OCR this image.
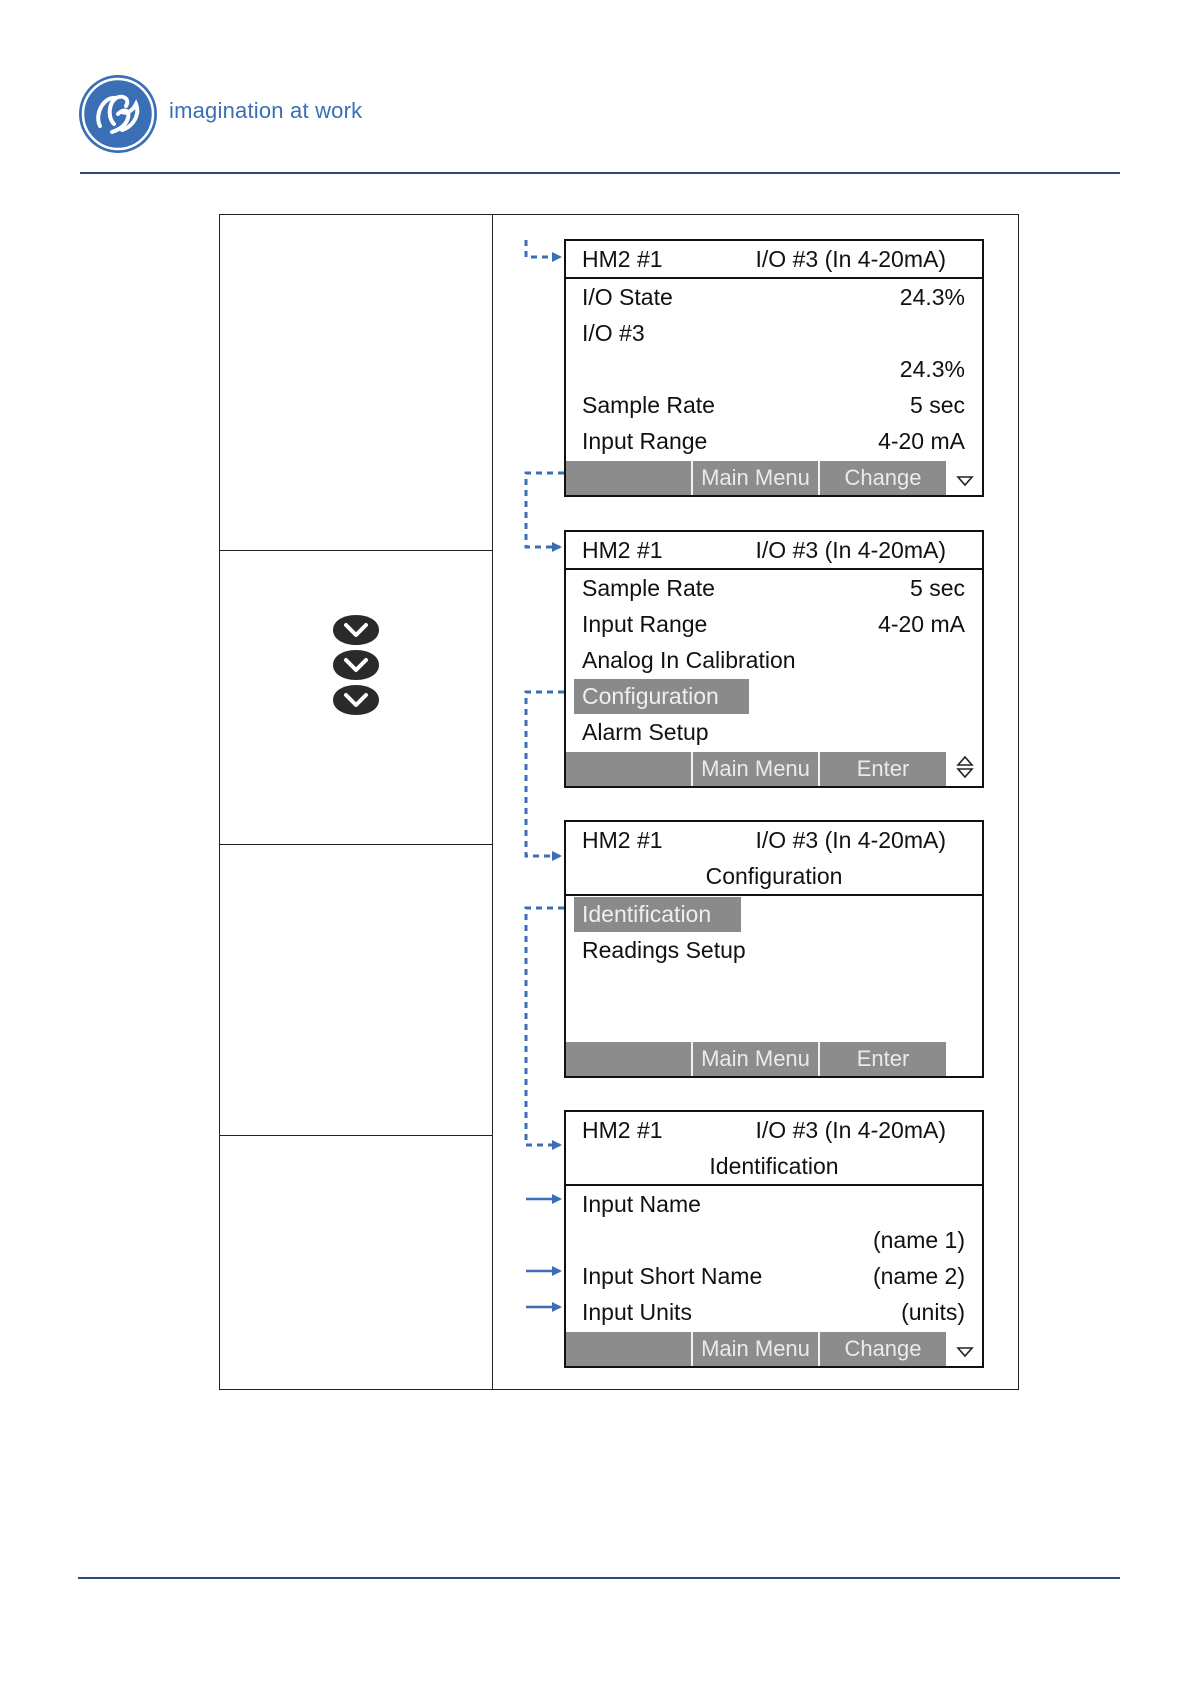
imagination at work
HM2 #1	I/O #3 (In 4-20mA)
I/O State	24.3%
I/O #3
24.3%
Sample Rate	5 sec
Input Range	4-20 mA
Main Menu	Change
HM2 #1	I/O #3 (In 4-20mA)
Sample Rate	5 sec
Input Range	4-20 mA
Analog In Calibration
Configuration
Alarm Setup
Main Menu	Enter
HM2 #1	I/O #3 (In 4-20mA)
Configuration
Identification
Readings Setup
Main Menu	Enter
HM2 #1	I/O #3 (In 4-20mA)
Identification
Input Name
(name 1)
Input Short Name	(name 2)
Input Units	(units)
Main Menu	Change
